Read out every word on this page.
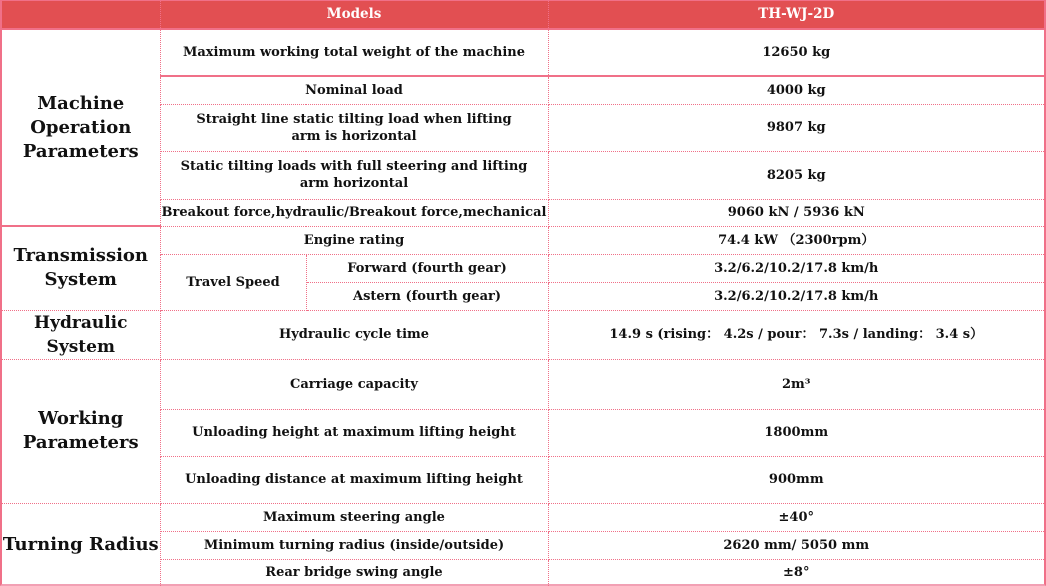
	Models		TH-WJ-2D
Machine Operation Parameters	Maximum working total weight of the machine		12650 kg
	Nominal load		4000 kg
	Straight line static tilting load when lifting arm is horizontal		9807 kg
	Static tilting loads with full steering and lifting arm horizontal		8205 kg
	Breakout force,hydraulic/Breakout force,mechanical		9060 kN / 5936 kN
Transmission System	Engine rating		74.4 kW （2300rpm）
	Travel Speed	Forward (fourth gear)	3.2/6.2/10.2/17.8 km/h
		Astern (fourth gear)	3.2/6.2/10.2/17.8 km/h
Hydraulic System	Hydraulic cycle time		14.9 s (rising： 4.2s / pour： 7.3s / landing： 3.4 s）
Working Parameters	Carriage capacity		2m³
	Unloading height at maximum lifting height		1800mm
	Unloading distance at maximum lifting height		900mm
Turning Radius	Maximum steering angle		±40°
	Minimum turning radius (inside/outside)		2620 mm/ 5050 mm
	Rear bridge swing angle		±8°
